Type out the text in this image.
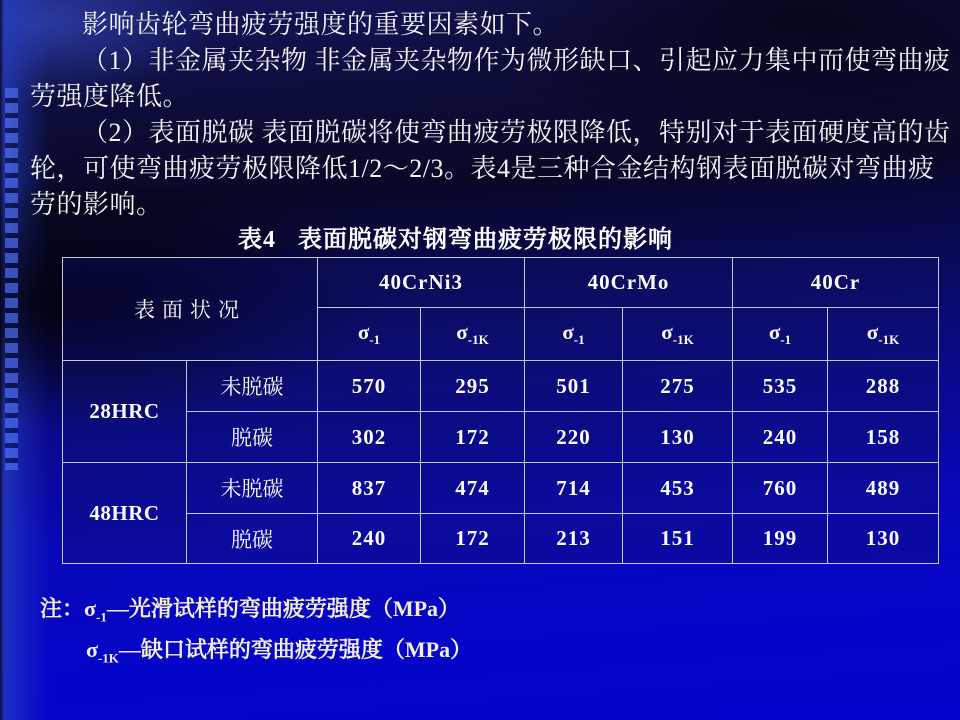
影响齿轮弯曲疲劳强度的重要因素如下。
（1）非金属夹杂物 非金属夹杂物作为微形缺口、引起应力集中而使弯曲疲
劳强度降低。
（2）表面脱碳 表面脱碳将使弯曲疲劳极限降低，特别对于表面硬度高的齿
轮，可使弯曲疲劳极限降低1/2～2/3。表4是三种合金结构钢表面脱碳对弯曲疲
劳的影响。
表4 表面脱碳对钢弯曲疲劳极限的影响
表面状况		40CrNi3		40CrMo		40Cr	
		$\sigma_{-1}$	$\sigma_{-1K}$	$\sigma_{-1}$	$\sigma_{-1K}$	$\sigma_{-1}$	$\sigma_{-1K}$
28HRC	未脱碳	570	295	501	275	535	288
	脱碳	302	172	220	130	240	158
48HRC	未脱碳	837	474	714	453	760	489
	脱碳	240	172	213	151	199	130
注：$\sigma_{-1}—$光滑试样的弯曲疲劳强度（MPa）
$\sigma_{-1K}—$缺口试样的弯曲疲劳强度（MPa）
